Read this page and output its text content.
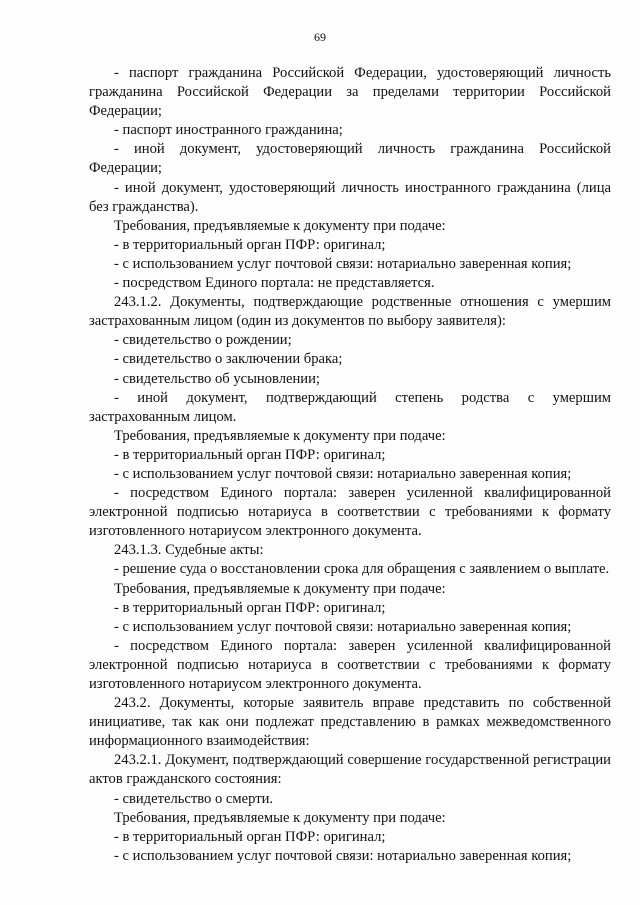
69

- паспорт гражданина Российской Федерации, удостоверяющий личность гражданина Российской Федерации за пределами территории Российской Федерации;

- паспорт иностранного гражданина;

- иной документ, удостоверяющий личность гражданина Российской Федерации;

- иной документ, удостоверяющий личность иностранного гражданина (лица без гражданства).

Требования, предъявляемые к документу при подаче:

- в территориальный орган ПФР: оригинал;

- с использованием услуг почтовой связи: нотариально заверенная копия;

- посредством Единого портала: не представляется.

243.1.2. Документы, подтверждающие родственные отношения с умершим застрахованным лицом (один из документов по выбору заявителя):

- свидетельство о рождении;

- свидетельство о заключении брака;

- свидетельство об усыновлении;

- иной документ, подтверждающий степень родства с умершим застрахованным лицом.

Требования, предъявляемые к документу при подаче:

- в территориальный орган ПФР: оригинал;

- с использованием услуг почтовой связи: нотариально заверенная копия;

- посредством Единого портала: заверен усиленной квалифицированной электронной подписью нотариуса в соответствии с требованиями к формату изготовленного нотариусом электронного документа.

243.1.3. Судебные акты:

- решение суда о восстановлении срока для обращения с заявлением о выплате.

Требования, предъявляемые к документу при подаче:

- в территориальный орган ПФР: оригинал;

- с использованием услуг почтовой связи: нотариально заверенная копия;

- посредством Единого портала: заверен усиленной квалифицированной электронной подписью нотариуса в соответствии с требованиями к формату изготовленного нотариусом электронного документа.

243.2. Документы, которые заявитель вправе представить по собственной инициативе, так как они подлежат представлению в рамках межведомственного информационного взаимодействия:

243.2.1. Документ, подтверждающий совершение государственной регистрации актов гражданского состояния:

- свидетельство о смерти.

Требования, предъявляемые к документу при подаче:

- в территориальный орган ПФР: оригинал;

- с использованием услуг почтовой связи: нотариально заверенная копия;
